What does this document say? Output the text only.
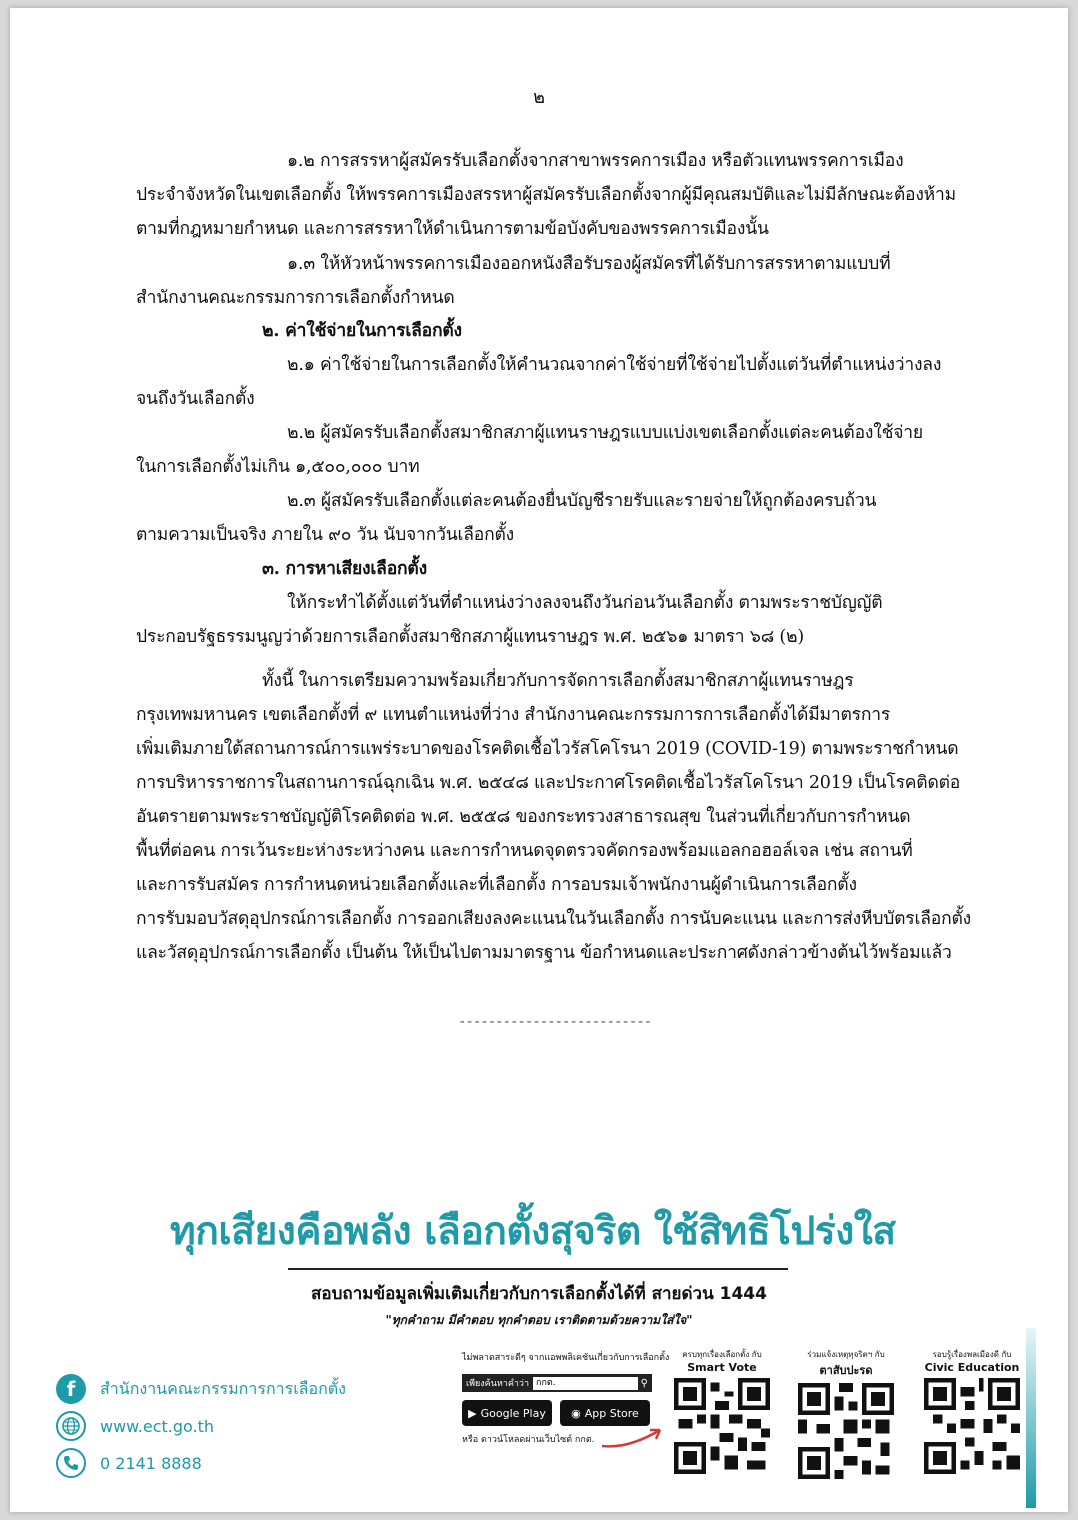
๒
๑.๒ การสรรหาผู้สมัครรับเลือกตั้งจากสาขาพรรคการเมือง หรือตัวแทนพรรคการเมือง
ประจำจังหวัดในเขตเลือกตั้ง ให้พรรคการเมืองสรรหาผู้สมัครรับเลือกตั้งจากผู้มีคุณสมบัติและไม่มีลักษณะต้องห้าม
ตามที่กฎหมายกำหนด และการสรรหาให้ดำเนินการตามข้อบังคับของพรรคการเมืองนั้น
๑.๓ ให้หัวหน้าพรรคการเมืองออกหนังสือรับรองผู้สมัครที่ได้รับการสรรหาตามแบบที่
สำนักงานคณะกรรมการการเลือกตั้งกำหนด
๒. ค่าใช้จ่ายในการเลือกตั้ง
๒.๑ ค่าใช้จ่ายในการเลือกตั้งให้คำนวณจากค่าใช้จ่ายที่ใช้จ่ายไปตั้งแต่วันที่ตำแหน่งว่างลง
จนถึงวันเลือกตั้ง
๒.๒ ผู้สมัครรับเลือกตั้งสมาชิกสภาผู้แทนราษฎรแบบแบ่งเขตเลือกตั้งแต่ละคนต้องใช้จ่าย
ในการเลือกตั้งไม่เกิน ๑,๕๐๐,๐๐๐ บาท
๒.๓ ผู้สมัครรับเลือกตั้งแต่ละคนต้องยื่นบัญชีรายรับและรายจ่ายให้ถูกต้องครบถ้วน
ตามความเป็นจริง ภายใน ๙๐ วัน นับจากวันเลือกตั้ง
๓. การหาเสียงเลือกตั้ง
ให้กระทำได้ตั้งแต่วันที่ตำแหน่งว่างลงจนถึงวันก่อนวันเลือกตั้ง ตามพระราชบัญญัติ
ประกอบรัฐธรรมนูญว่าด้วยการเลือกตั้งสมาชิกสภาผู้แทนราษฎร พ.ศ. ๒๕๖๑ มาตรา ๖๘ (๒)
ทั้งนี้ ในการเตรียมความพร้อมเกี่ยวกับการจัดการเลือกตั้งสมาชิกสภาผู้แทนราษฎร
กรุงเทพมหานคร เขตเลือกตั้งที่ ๙ แทนตำแหน่งที่ว่าง สำนักงานคณะกรรมการการเลือกตั้งได้มีมาตรการ
เพิ่มเติมภายใต้สถานการณ์การแพร่ระบาดของโรคติดเชื้อไวรัสโคโรนา 2019 (COVID-19) ตามพระราชกำหนด
การบริหารราชการในสถานการณ์ฉุกเฉิน พ.ศ. ๒๕๔๘ และประกาศโรคติดเชื้อไวรัสโคโรนา 2019 เป็นโรคติดต่อ
อันตรายตามพระราชบัญญัติโรคติดต่อ พ.ศ. ๒๕๕๘ ของกระทรวงสาธารณสุข ในส่วนที่เกี่ยวกับการกำหนด
พื้นที่ต่อคน การเว้นระยะห่างระหว่างคน และการกำหนดจุดตรวจคัดกรองพร้อมแอลกอฮอล์เจล เช่น สถานที่
และการรับสมัคร การกำหนดหน่วยเลือกตั้งและที่เลือกตั้ง การอบรมเจ้าพนักงานผู้ดำเนินการเลือกตั้ง
การรับมอบวัสดุอุปกรณ์การเลือกตั้ง การออกเสียงลงคะแนนในวันเลือกตั้ง การนับคะแนน และการส่งหีบบัตรเลือกตั้ง
และวัสดุอุปกรณ์การเลือกตั้ง เป็นต้น ให้เป็นไปตามมาตรฐาน ข้อกำหนดและประกาศดังกล่าวข้างต้นไว้พร้อมแล้ว
--------------------------
ทุกเสียงคือพลัง เลือกตั้งสุจริต ใช้สิทธิโปร่งใส
สอบถามข้อมูลเพิ่มเติมเกี่ยวกับการเลือกตั้งได้ที่ สายด่วน 1444
"ทุกคำถาม มีคำตอบ ทุกคำตอบ เราติดตามด้วยความใส่ใจ"
f	สำนักงานคณะกรรมการการเลือกตั้ง
www.ect.go.th
0 2141 8888
ไม่พลาดสาระดีๆ จากแอพพลิเคชันเกี่ยวกับการเลือกตั้ง
เพียงค้นหาคำว่า กกต.	⚲
▶ Google Play ◉ App Store
หรือ ดาวน์โหลดผ่านเว็บไซต์ กกต.
ครบทุกเรื่องเลือกตั้ง กับ
Smart Vote
ร่วมแจ้งเหตุทุจริตฯ กับ
ตาสับปะรด
รอบรู้เรื่องพลเมืองดี กับ
Civic Education
